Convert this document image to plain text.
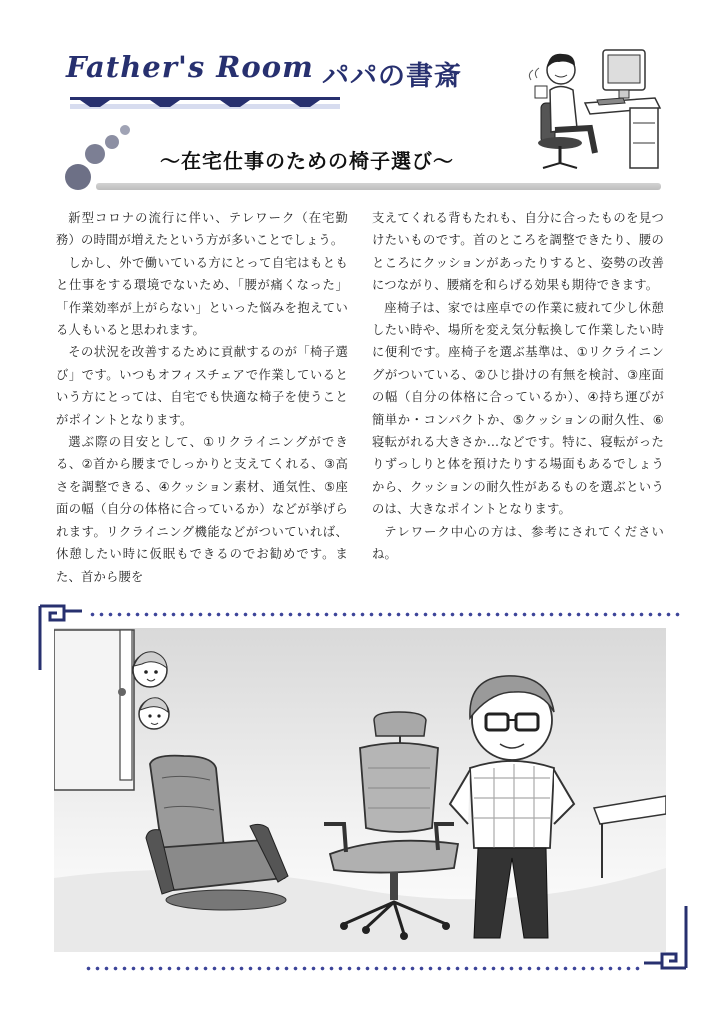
Father's Room パパの書斎
〜在宅仕事のための椅子選び〜

新型コロナの流行に伴い、テレワーク（在宅勤務）の時間が増えたという方が多いことでしょう。

しかし、外で働いている方にとって自宅はもともと仕事をする環境でないため、「腰が痛くなった」「作業効率が上がらない」といった悩みを抱えている人もいると思われます。

その状況を改善するために貢献するのが「椅子選び」です。いつもオフィスチェアで作業しているという方にとっては、自宅でも快適な椅子を使うことがポイントとなります。

選ぶ際の目安として、①リクライニングができる、②首から腰までしっかりと支えてくれる、③高さを調整できる、④クッション素材、通気性、⑤座面の幅（自分の体格に合っているか）などが挙げられます。リクライニング機能などがついていれば、休憩したい時に仮眠もできるのでお勧めです。また、首から腰を

支えてくれる背もたれも、自分に合ったものを見つけたいものです。首のところを調整できたり、腰のところにクッションがあったりすると、姿勢の改善につながり、腰痛を和らげる効果も期待できます。

座椅子は、家では座卓での作業に疲れて少し休憩したい時や、場所を変え気分転換して作業したい時に便利です。座椅子を選ぶ基準は、①リクライニングがついている、②ひじ掛けの有無を検討、③座面の幅（自分の体格に合っているか）、④持ち運びが簡単か・コンパクトか、⑤クッションの耐久性、⑥寝転がれる大きさか…などです。特に、寝転がったりずっしりと体を預けたりする場面もあるでしょうから、クッションの耐久性があるものを選ぶというのは、大きなポイントとなります。

テレワーク中心の方は、参考にされてくださいね。
